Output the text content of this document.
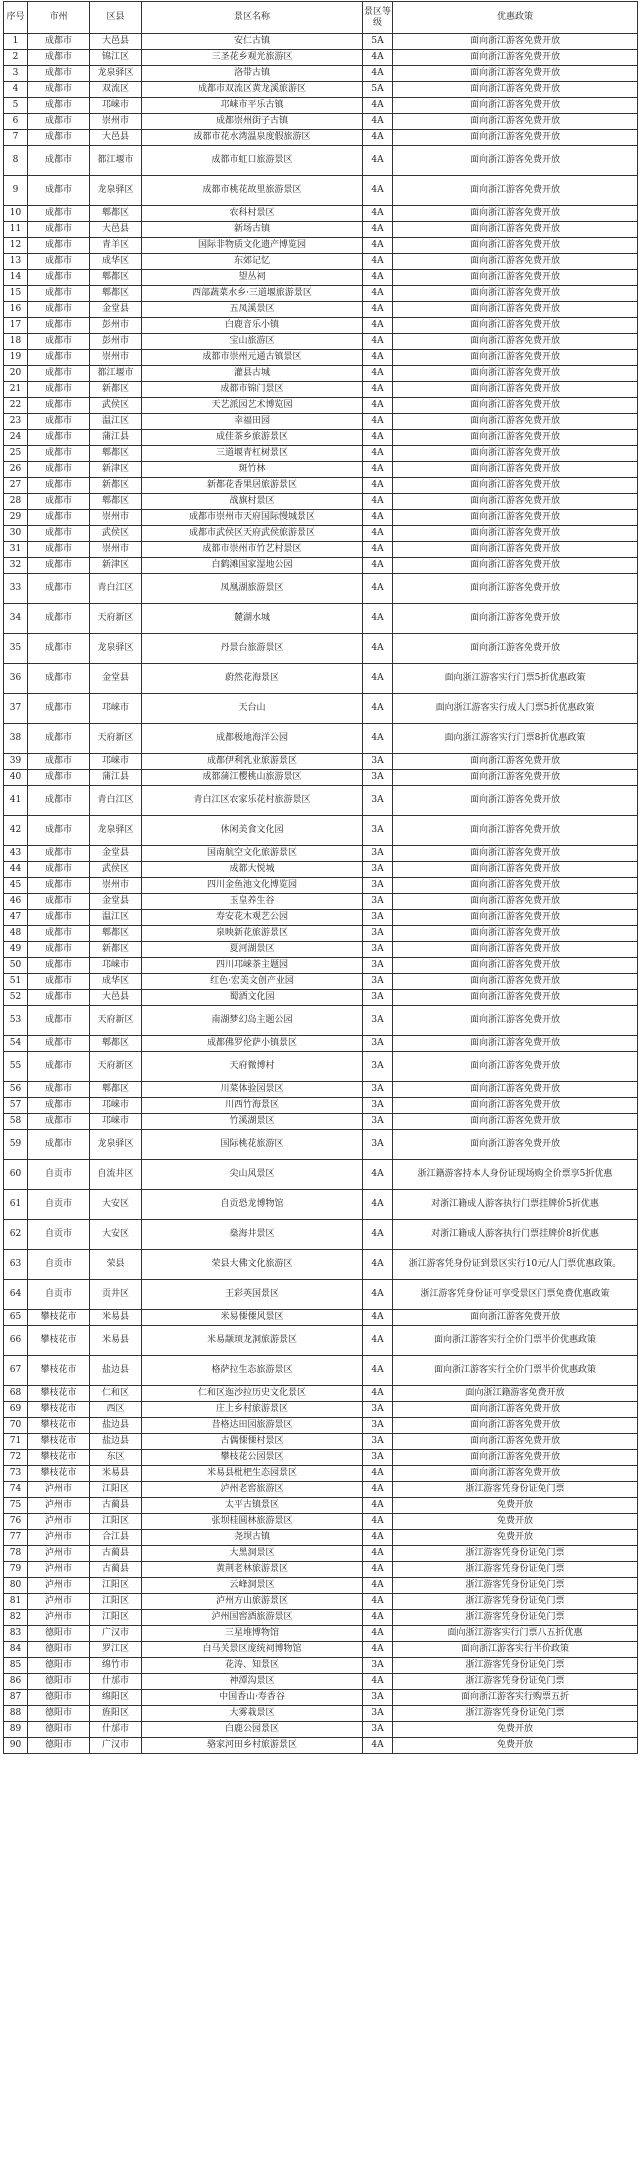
序号	市州	区县	景区名称	景区等级	优惠政策
1	成都市	大邑县	安仁古镇	5A	面向浙江游客免费开放
2	成都市	锦江区	三圣花乡观光旅游区	4A	面向浙江游客免费开放
3	成都市	龙泉驿区	洛带古镇	4A	面向浙江游客免费开放
4	成都市	双流区	成都市双流区黄龙溪旅游区	5A	面向浙江游客免费开放
5	成都市	邛崃市	邛崃市平乐古镇	4A	面向浙江游客免费开放
6	成都市	崇州市	成都崇州街子古镇	4A	面向浙江游客免费开放
7	成都市	大邑县	成都市花水湾温泉度假旅游区	4A	面向浙江游客免费开放
8	成都市	都江堰市	成都市虹口旅游景区	4A	面向浙江游客免费开放
9	成都市	龙泉驿区	成都市桃花故里旅游景区	4A	面向浙江游客免费开放
10	成都市	郫都区	农科村景区	4A	面向浙江游客免费开放
11	成都市	大邑县	新场古镇	4A	面向浙江游客免费开放
12	成都市	青羊区	国际非物质文化遗产博览园	4A	面向浙江游客免费开放
13	成都市	成华区	东郊记忆	4A	面向浙江游客免费开放
14	成都市	郫都区	望丛祠	4A	面向浙江游客免费开放
15	成都市	郫都区	西部蔬菜水乡·三道堰旅游景区	4A	面向浙江游客免费开放
16	成都市	金堂县	五凤溪景区	4A	面向浙江游客免费开放
17	成都市	彭州市	白鹿音乐小镇	4A	面向浙江游客免费开放
18	成都市	彭州市	宝山旅游区	4A	面向浙江游客免费开放
19	成都市	崇州市	成都市崇州元通古镇景区	4A	面向浙江游客免费开放
20	成都市	都江堰市	灌县古城	4A	面向浙江游客免费开放
21	成都市	新都区	成都市锦门景区	4A	面向浙江游客免费开放
22	成都市	武侯区	天艺派园艺术博览园	4A	面向浙江游客免费开放
23	成都市	温江区	幸福田园	4A	面向浙江游客免费开放
24	成都市	蒲江县	成佳茶乡旅游景区	4A	面向浙江游客免费开放
25	成都市	郫都区	三道堰青杠树景区	4A	面向浙江游客免费开放
26	成都市	新津区	斑竹林	4A	面向浙江游客免费开放
27	成都市	新都区	新都花香果居旅游景区	4A	面向浙江游客免费开放
28	成都市	郫都区	战旗村景区	4A	面向浙江游客免费开放
29	成都市	崇州市	成都市崇州市天府国际慢城景区	4A	面向浙江游客免费开放
30	成都市	武侯区	成都市武侯区天府武侯旅游景区	4A	面向浙江游客免费开放
31	成都市	崇州市	成都市崇州市竹艺村景区	4A	面向浙江游客免费开放
32	成都市	新津区	白鹤滩国家湿地公园	4A	面向浙江游客免费开放
33	成都市	青白江区	凤凰湖旅游景区	4A	面向浙江游客免费开放
34	成都市	天府新区	麓湖水城	4A	面向浙江游客免费开放
35	成都市	龙泉驿区	丹景台旅游景区	4A	面向浙江游客免费开放
36	成都市	金堂县	蔚然花海景区	4A	面向浙江游客实行门票5折优惠政策
37	成都市	邛崃市	天台山	4A	面向浙江游客实行成人门票5折优惠政策
38	成都市	天府新区	成都极地海洋公园	4A	面向浙江游客实行门票8折优惠政策
39	成都市	邛崃市	成都伊利乳业旅游景区	3A	面向浙江游客免费开放
40	成都市	蒲江县	成都蒲江樱桃山旅游景区	3A	面向浙江游客免费开放
41	成都市	青白江区	青白江区农家乐花村旅游景区	3A	面向浙江游客免费开放
42	成都市	龙泉驿区	休闲美食文化园	3A	面向浙江游客免费开放
43	成都市	金堂县	国南航空文化旅游景区	3A	面向浙江游客免费开放
44	成都市	武侯区	成都大悦城	3A	面向浙江游客免费开放
45	成都市	崇州市	四川金鱼池文化博览园	3A	面向浙江游客免费开放
46	成都市	金堂县	玉皇养生谷	3A	面向浙江游客免费开放
47	成都市	温江区	寿安花木观艺公园	3A	面向浙江游客免费开放
48	成都市	郫都区	泉映新花旅游景区	3A	面向浙江游客免费开放
49	成都市	新都区	夏河湖景区	3A	面向浙江游客免费开放
50	成都市	邛崃市	四川邛崃茶主题园	3A	面向浙江游客免费开放
51	成都市	成华区	红色·宏美文创产业园	3A	面向浙江游客免费开放
52	成都市	大邑县	蜀酒文化园	3A	面向浙江游客免费开放
53	成都市	天府新区	南湖梦幻岛主题公园	3A	面向浙江游客免费开放
54	成都市	郫都区	成都佛罗伦萨小镇景区	3A	面向浙江游客免费开放
55	成都市	天府新区	天府微博村	3A	面向浙江游客免费开放
56	成都市	郫都区	川菜体验园景区	3A	面向浙江游客免费开放
57	成都市	邛崃市	川西竹海景区	3A	面向浙江游客免费开放
58	成都市	邛崃市	竹溪湖景区	3A	面向浙江游客免费开放
59	成都市	龙泉驿区	国际桃花旅游区	3A	面向浙江游客免费开放
60	自贡市	自流井区	尖山风景区	4A	浙江籍游客持本人身份证现场购全价票享5折优惠
61	自贡市	大安区	自贡恐龙博物馆	4A	对浙江籍成人游客执行门票挂牌价5折优惠
62	自贡市	大安区	燊海井景区	4A	对浙江籍成人游客执行门票挂牌价8折优惠
63	自贡市	荣县	荣县大佛文化旅游区	4A	浙江游客凭身份证到景区实行10元/人门票优惠政策。
64	自贡市	贡井区	王彩英国景区	4A	浙江游客凭身份证可享受景区门票免费优惠政策
65	攀枝花市	米易县	米易傈僳风景区	4A	面向浙江游客免费开放
66	攀枝花市	米易县	米易颛顼龙洞旅游景区	4A	面向浙江游客实行全价门票半价优惠政策
67	攀枝花市	盐边县	格萨拉生态旅游景区	4A	面向浙江游客实行全价门票半价优惠政策
68	攀枝花市	仁和区	仁和区迤沙拉历史文化景区	4A	面向浙江籍游客免费开放
69	攀枝花市	西区	庄上乡村旅游景区	3A	面向浙江游客免费开放
70	攀枝花市	盐边县	昔格达田园旅游景区	3A	面向浙江游客免费开放
71	攀枝花市	盐边县	古偶傈傈村景区	3A	面向浙江游客免费开放
72	攀枝花市	东区	攀枝花公园景区	3A	面向浙江游客免费开放
73	攀枝花市	米易县	米易县枇杷生态园景区	4A	面向浙江游客免费开放
74	泸州市	江阳区	泸州老窖旅游区	4A	浙江游客凭身份证免门票
75	泸州市	古蔺县	太平古镇景区	4A	免费开放
76	泸州市	江阳区	张坝桂圆林旅游景区	4A	免费开放
77	泸州市	合江县	尧坝古镇	4A	免费开放
78	泸州市	古蔺县	大黑洞景区	4A	浙江游客凭身份证免门票
79	泸州市	古蔺县	黄荆老林旅游景区	4A	浙江游客凭身份证免门票
80	泸州市	江阳区	云峰洞景区	4A	浙江游客凭身份证免门票
81	泸州市	江阳区	泸州方山旅游景区	4A	浙江游客凭身份证免门票
82	泸州市	江阳区	泸州国窖酒旅游景区	4A	浙江游客凭身份证免门票
83	德阳市	广汉市	三星堆博物馆	4A	面向浙江游客实行门票八五折优惠
84	德阳市	罗江区	白马关景区庞统祠博物馆	4A	面向浙江游客实行半价政策
85	德阳市	绵竹市	花涛、知景区	3A	浙江游客凭身份证免门票
86	德阳市	什邡市	神潭沟景区	4A	浙江游客凭身份证免门票
87	德阳市	绵阳区	中国香山·寿香谷	3A	面向浙江游客实行购票五折
88	德阳市	旌阳区	大雾栽景区	3A	浙江游客凭身份证免门票
89	德阳市	什邡市	白鹿公园景区	3A	免费开放
90	德阳市	广汉市	骆家河田乡村旅游景区	4A	免费开放
